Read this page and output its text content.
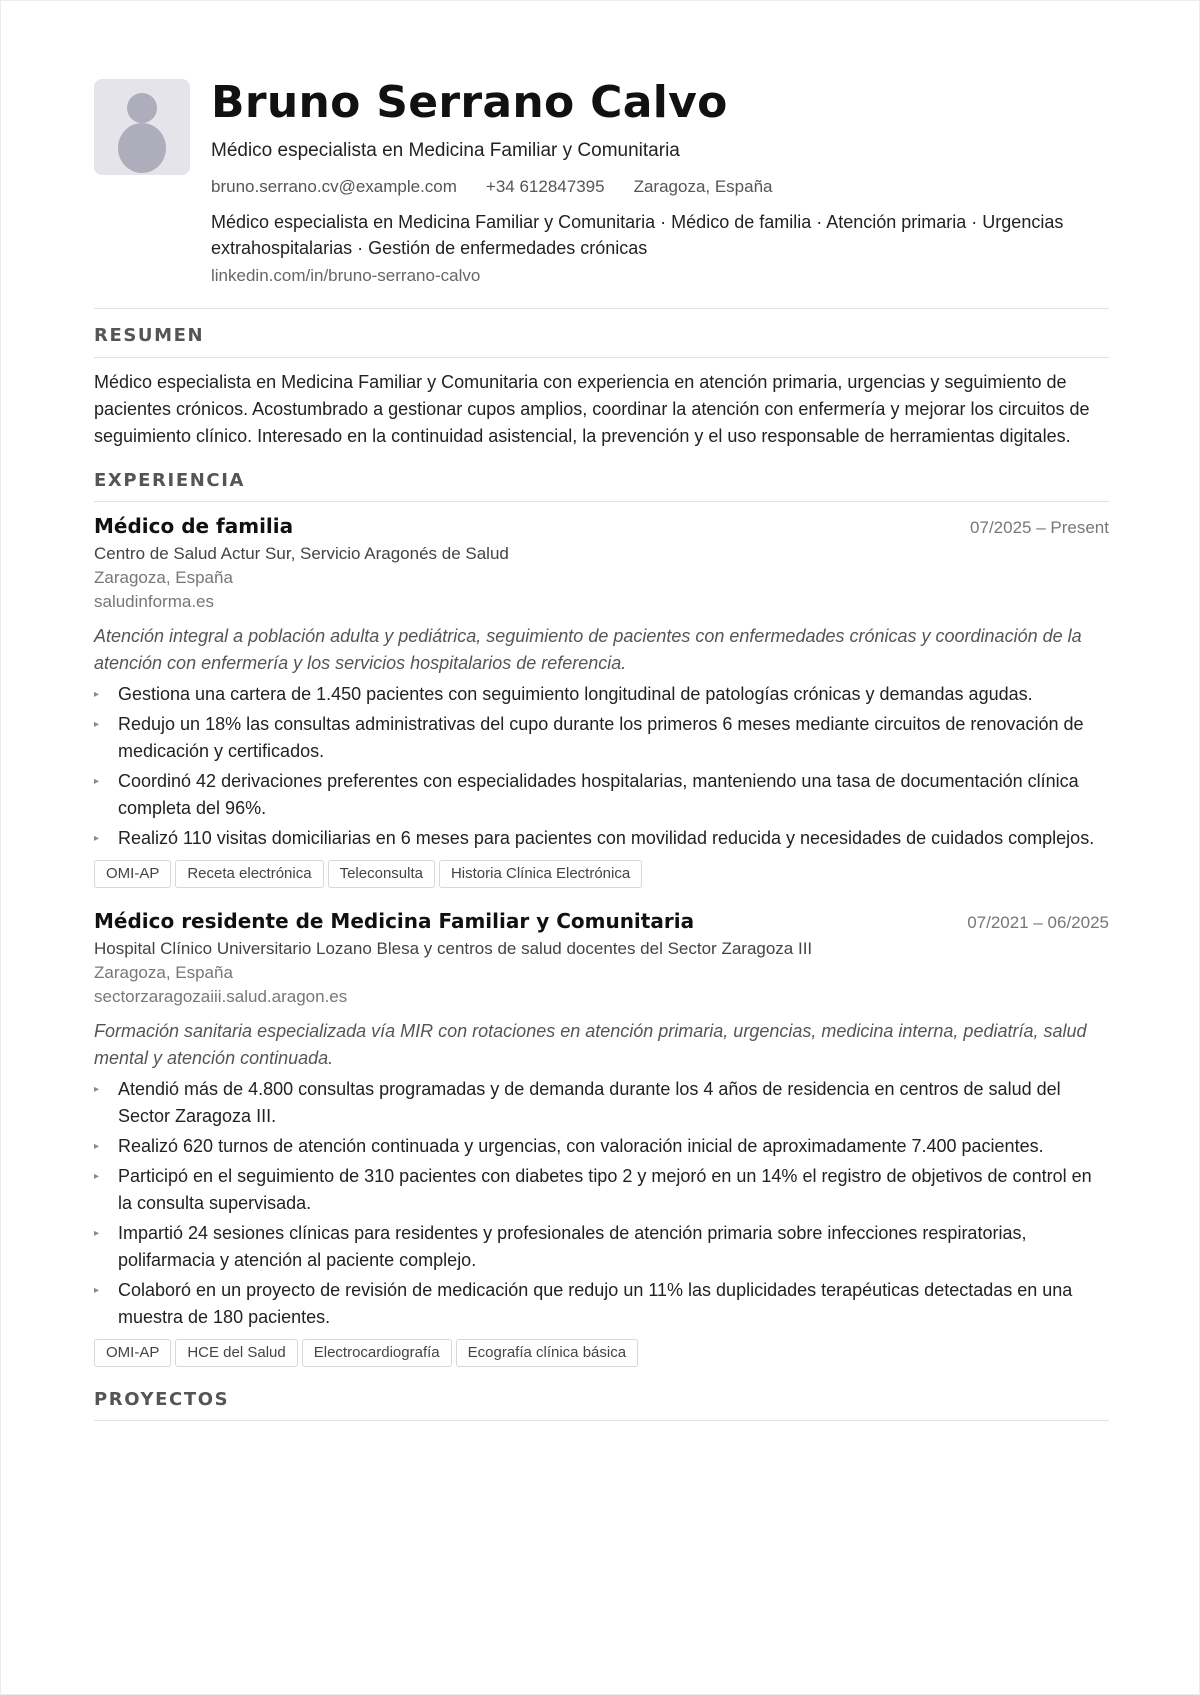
Bruno Serrano Calvo
Médico especialista en Medicina Familiar y Comunitaria
bruno.serrano.cv@example.com +34 612847395 Zaragoza, España
Médico especialista en Medicina Familiar y Comunitaria · Médico de familia · Atención primaria · Urgencias extrahospitalarias · Gestión de enfermedades crónicas
linkedin.com/in/bruno-serrano-calvo
RESUMEN
Médico especialista en Medicina Familiar y Comunitaria con experiencia en atención primaria, urgencias y seguimiento de pacientes crónicos. Acostumbrado a gestionar cupos amplios, coordinar la atención con enfermería y mejorar los circuitos de seguimiento clínico. Interesado en la continuidad asistencial, la prevención y el uso responsable de herramientas digitales.
EXPERIENCIA
Médico de familia	07/2025 – Present
Centro de Salud Actur Sur, Servicio Aragonés de Salud
Zaragoza, España
saludinforma.es
Atención integral a población adulta y pediátrica, seguimiento de pacientes con enfermedades crónicas y coordinación de la atención con enfermería y los servicios hospitalarios de referencia.
▸ Gestiona una cartera de 1.450 pacientes con seguimiento longitudinal de patologías crónicas y demandas agudas.
▸ Redujo un 18% las consultas administrativas del cupo durante los primeros 6 meses mediante circuitos de renovación de medicación y certificados.
▸ Coordinó 42 derivaciones preferentes con especialidades hospitalarias, manteniendo una tasa de documentación clínica completa del 96%.
▸ Realizó 110 visitas domiciliarias en 6 meses para pacientes con movilidad reducida y necesidades de cuidados complejos.
OMI-AP	Receta electrónica	Teleconsulta	Historia Clínica Electrónica
Médico residente de Medicina Familiar y Comunitaria	07/2021 – 06/2025
Hospital Clínico Universitario Lozano Blesa y centros de salud docentes del Sector Zaragoza III
Zaragoza, España
sectorzaragozaiii.salud.aragon.es
Formación sanitaria especializada vía MIR con rotaciones en atención primaria, urgencias, medicina interna, pediatría, salud mental y atención continuada.
▸ Atendió más de 4.800 consultas programadas y de demanda durante los 4 años de residencia en centros de salud del Sector Zaragoza III.
▸ Realizó 620 turnos de atención continuada y urgencias, con valoración inicial de aproximadamente 7.400 pacientes.
▸ Participó en el seguimiento de 310 pacientes con diabetes tipo 2 y mejoró en un 14% el registro de objetivos de control en la consulta supervisada.
▸ Impartió 24 sesiones clínicas para residentes y profesionales de atención primaria sobre infecciones respiratorias, polifarmacia y atención al paciente complejo.
▸ Colaboró en un proyecto de revisión de medicación que redujo un 11% las duplicidades terapéuticas detectadas en una muestra de 180 pacientes.
OMI-AP	HCE del Salud	Electrocardiografía	Ecografía clínica básica
PROYECTOS
